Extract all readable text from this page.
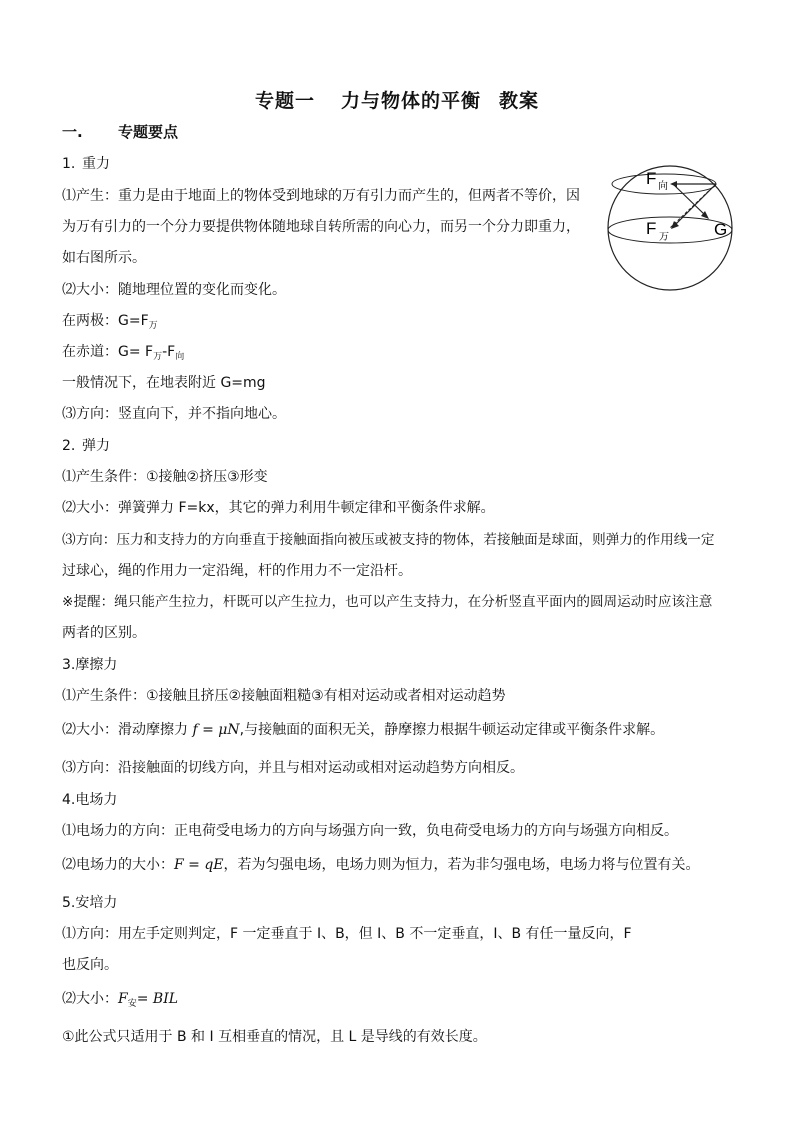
专题一 力与物体的平衡 教案
一. 专题要点
1. 重力
⑴产生：重力是由于地面上的物体受到地球的万有引力而产生的，但两者不等价，因
为万有引力的一个分力要提供物体随地球自转所需的向心力，而另一个分力即重力，
如右图所示。
⑵大小：随地理位置的变化而变化。
在两极：$G=F_万$
在赤道：$G= F_万-F_向$
一般情况下，在地表附近 G=mg
⑶方向：竖直向下，并不指向地心。
F 向
F 万	G
2. 弹力
⑴产生条件：①接触②挤压③形变
⑵大小：弹簧弹力 F=kx，其它的弹力利用牛顿定律和平衡条件求解。
⑶方向：压力和支持力的方向垂直于接触面指向被压或被支持的物体，若接触面是球面，则弹力的作用线一定
过球心，绳的作用力一定沿绳，杆的作用力不一定沿杆。
※提醒：绳只能产生拉力，杆既可以产生拉力，也可以产生支持力，在分析竖直平面内的圆周运动时应该注意
两者的区别。
3.摩擦力
⑴产生条件：①接触且挤压②接触面粗糙③有相对运动或者相对运动趋势
⑵大小：滑动摩擦力 f = μN,与接触面的面积无关，静摩擦力根据牛顿运动定律或平衡条件求解。
⑶方向：沿接触面的切线方向，并且与相对运动或相对运动趋势方向相反。
4.电场力
⑴电场力的方向：正电荷受电场力的方向与场强方向一致，负电荷受电场力的方向与场强方向相反。
⑵电场力的大小：F = qE，若为匀强电场，电场力则为恒力，若为非匀强电场，电场力将与位置有关。
5.安培力
⑴方向：用左手定则判定，F 一定垂直于 I、B，但 I、B 不一定垂直，I、B 有任一量反向，F
也反向。
⑵大小：$F_安=$ BIL
①此公式只适用于 B 和 I 互相垂直的情况，且 L 是导线的有效长度。
